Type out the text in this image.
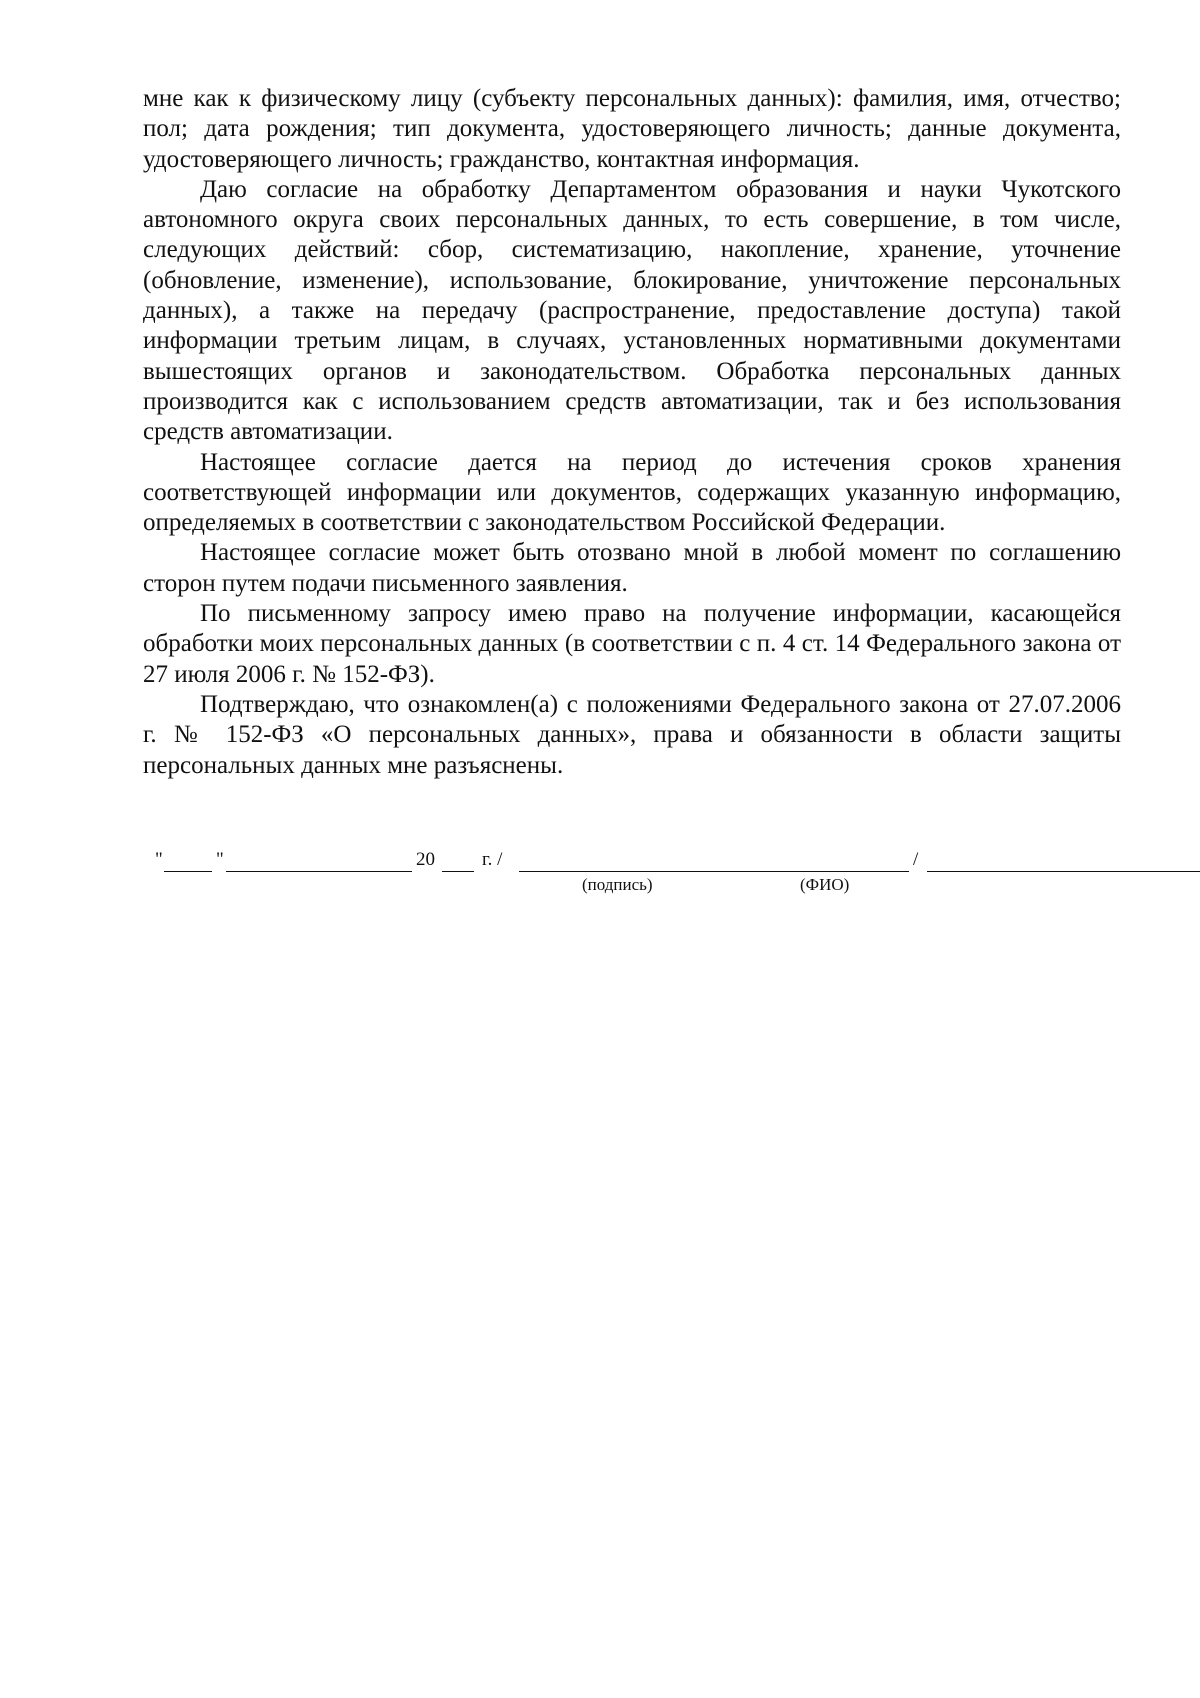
мне как к физическому лицу (субъекту персональных данных): фамилия, имя, отчество; пол; дата рождения; тип документа, удостоверяющего личность; данные документа, удостоверяющего личность; гражданство, контактная информация.

Даю согласие на обработку Департаментом образования и науки Чукотского автономного округа своих персональных данных, то есть совершение, в том числе, следующих действий: сбор, систематизацию, накопление, хранение, уточнение (обновление, изменение), использование, блокирование, уничтожение персональных данных), а также на передачу (распространение, предоставление доступа) такой информации третьим лицам, в случаях, установленных нормативными документами вышестоящих органов и законодательством. Обработка персональных данных производится как с использованием средств автоматизации, так и без использования средств автоматизации.

Настоящее согласие дается на период до истечения сроков хранения соответствующей информации или документов, содержащих указанную информацию, определяемых в соответствии с законодательством Российской Федерации.

Настоящее согласие может быть отозвано мной в любой момент по соглашению сторон путем подачи письменного заявления.

По письменному запросу имею право на получение информации, касающейся обработки моих персональных данных (в соответствии с п. 4 ст. 14 Федерального закона от 27 июля 2006 г. № 152-ФЗ).

Подтверждаю, что ознакомлен(а) с положениями Федерального закона от 27.07.2006 г. № 152-ФЗ «О персональных данных», права и обязанности в области защиты персональных данных мне разъяснены.

"	"	20 г. /	/
(подпись)	(ФИО)
